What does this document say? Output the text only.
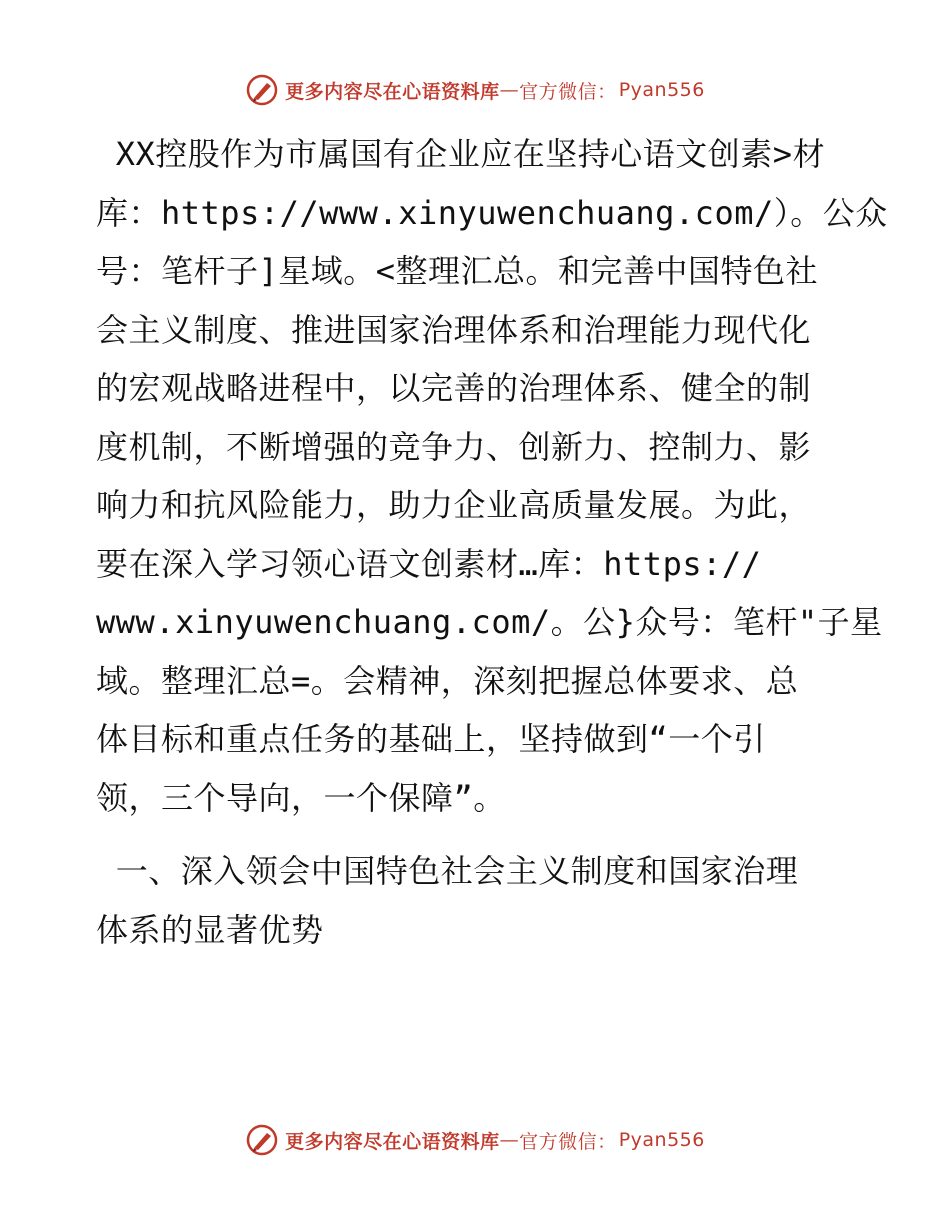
更多内容尽在心语资料库 — 官方微信： Pyan556
XX控股作为市属国有企业应在坚持心语文创素>材
库：https://www.xinyuwenchuang.com/）。公众
号：笔杆子]星域。<整理汇总。和完善中国特色社
会主义制度、推进国家治理体系和治理能力现代化
的宏观战略进程中，以完善的治理体系、健全的制
度机制，不断增强的竞争力、创新力、控制力、影
响力和抗风险能力，助力企业高质量发展。为此，
要在深入学习领心语文创素材…库：https://
www.xinyuwenchuang.com/。公}众号：笔杆"子星
域。整理汇总=。会精神，深刻把握总体要求、总
体目标和重点任务的基础上，坚持做到“一个引
领，三个导向，一个保障”。
一、深入领会中国特色社会主义制度和国家治理
体系的显著优势
更多内容尽在心语资料库 — 官方微信： Pyan556
